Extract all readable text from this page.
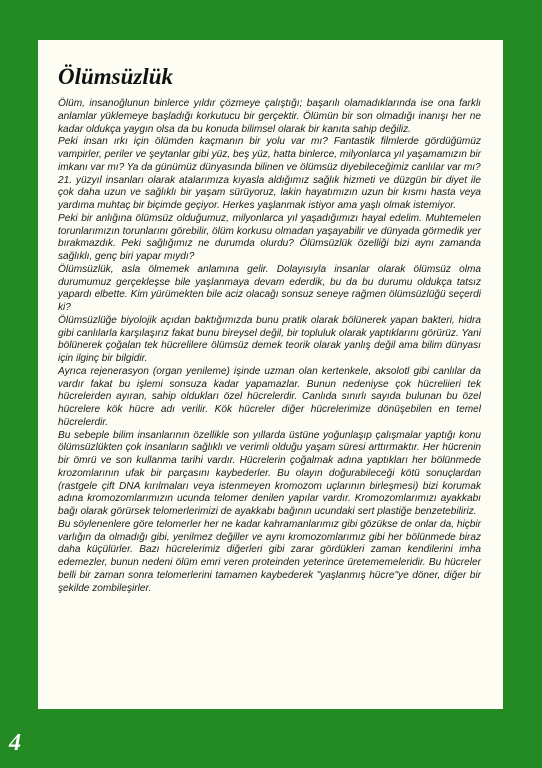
Ölümsüzlük

Ölüm, insanoğlunun binlerce yıldır çözmeye çalıştığı; başarılı olamadıklarında ise ona farklı anlamlar yüklemeye başladığı korkutucu bir gerçektir. Ölümün bir son olmadığı inanışı her ne kadar oldukça yaygın olsa da bu konuda bilimsel olarak bir kanıta sahip değiliz.

Peki insan ırkı için ölümden kaçmanın bir yolu var mı? Fantastik filmlerde gördüğümüz vampirler, periler ve şeytanlar gibi yüz, beş yüz, hatta binlerce, milyonlarca yıl yaşamamızın bir imkanı var mı? Ya da günümüz dünyasında bilinen ve ölümsüz diyebileceğimiz canlılar var mı?

21. yüzyıl insanları olarak atalarımıza kıyasla aldığımız sağlık hizmeti ve düzgün bir diyet ile çok daha uzun ve sağlıklı bir yaşam sürüyoruz, lakin hayatımızın uzun bir kısmı hasta veya yardıma muhtaç bir biçimde geçiyor. Herkes yaşlanmak istiyor ama yaşlı olmak istemiyor.

Peki bir anlığına ölümsüz olduğumuz, milyonlarca yıl yaşadığımızı hayal edelim. Muhtemelen torunlarımızın torunlarını görebilir, ölüm korkusu olmadan yaşayabilir ve dünyada görmedik yer bırakmazdık. Peki sağlığımız ne durumda olurdu? Ölümsüzlük özelliği bizi aynı zamanda sağlıklı, genç biri yapar mıydı?

Ölümsüzlük, asla ölmemek anlamına gelir. Dolayısıyla insanlar olarak ölümsüz olma durumumuz gerçekleşse bile yaşlanmaya devam ederdik, bu da bu durumu oldukça tatsız yapardı elbette. Kim yürümekten bile aciz olacağı sonsuz seneye rağmen ölümsüzlüğü seçerdi ki?

Ölümsüzlüğe biyolojik açıdan baktığımızda bunu pratik olarak bölünerek yapan bakteri, hidra gibi canlılarla karşılaşırız fakat bunu bireysel değil, bir topluluk olarak yaptıklarını görürüz. Yani bölünerek çoğalan tek hücrelilere ölümsüz demek teorik olarak yanlış değil ama bilim dünyası için ilginç bir bilgidir.

Ayrıca rejenerasyon (organ yenileme) işinde uzman olan kertenkele, aksolotl gibi canlılar da vardır fakat bu işlemi sonsuza kadar yapamazlar. Bunun nedeniyse çok hücreliieri tek hücrelerden ayıran, sahip oldukları özel hücrelerdir. Canlıda sınırlı sayıda bulunan bu özel hücrelere kök hücre adı verilir. Kök hücreler diğer hücrelerimize dönüşebilen en temel hücrelerdir.

Bu sebeple bilim insanlarının özellikle son yıllarda üstüne yoğunlaşıp çalışmalar yaptığı konu ölümsüzlükten çok insanların sağlıklı ve verimli olduğu yaşam süresi arttırmaktır. Her hücrenin bir ömrü ve son kullanma tarihi vardır. Hücrelerin çoğalmak adına yaptıkları her bölünmede krozomlarının ufak bir parçasını kaybederler. Bu olayın doğurabileceği kötü sonuçlardan (rastgele çift DNA kırılmaları veya istenmeyen kromozom uçlarının birleşmesi) bizi korumak adına kromozomlarımızın ucunda telomer denilen yapılar vardır. Kromozomlarımızı ayakkabı bağı olarak görürsek telomerlerimizi de ayakkabı bağının ucundaki sert plastiğe benzetebiliriz.

Bu söylenenlere göre telomerler her ne kadar kahramanlarımız gibi gözükse de onlar da, hiçbir varlığın da olmadığı gibi, yenilmez değiller ve aynı kromozomlarımız gibi her bölünmede biraz daha küçülürler. Bazı hücrelerimiz diğerleri gibi zarar gördükleri zaman kendilerini imha edemezler, bunun nedeni ölüm emri veren proteinden yeterince üretememeleridir. Bu hücreler belli bir zaman sonra telomerlerini tamamen kaybederek "yaşlanmış hücre"ye döner, diğer bir şekilde zombileşirler.

4
